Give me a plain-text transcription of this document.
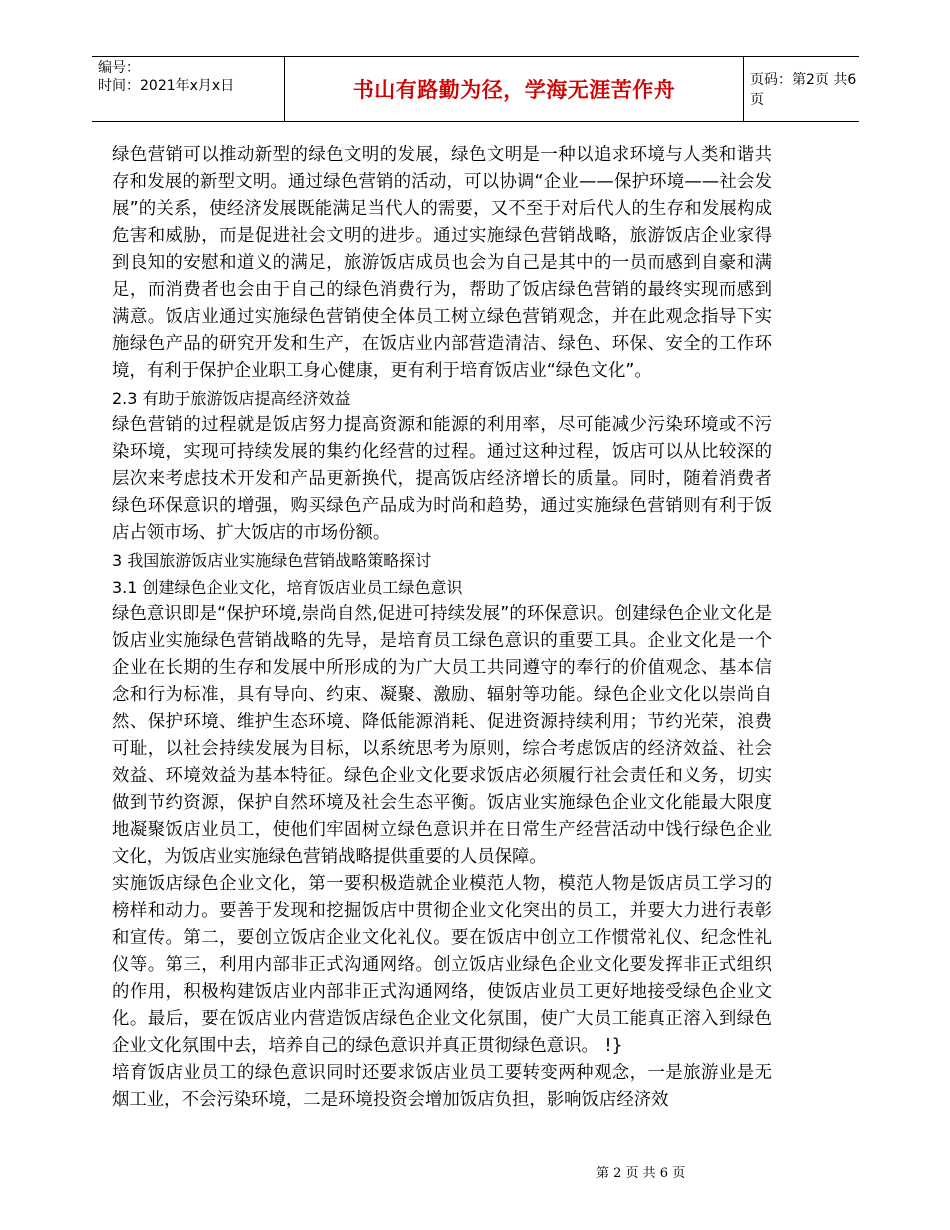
编号：
时间：2021年x月x日	书山有路勤为径，学海无涯苦作舟	页码：第2页 共6页

绿色营销可以推动新型的绿色文明的发展，绿色文明是一种以追求环境与人类和谐共存和发展的新型文明。通过绿色营销的活动，可以协调“企业——保护环境——社会发展”的关系，使经济发展既能满足当代人的需要，又不至于对后代人的生存和发展构成危害和威胁，而是促进社会文明的进步。通过实施绿色营销战略，旅游饭店企业家得到良知的安慰和道义的满足，旅游饭店成员也会为自己是其中的一员而感到自豪和满足，而消费者也会由于自己的绿色消费行为，帮助了饭店绿色营销的最终实现而感到满意。饭店业通过实施绿色营销使全体员工树立绿色营销观念，并在此观念指导下实施绿色产品的研究开发和生产，在饭店业内部营造清洁、绿色、环保、安全的工作环境，有利于保护企业职工身心健康，更有利于培育饭店业“绿色文化”。

2.3 有助于旅游饭店提高经济效益

绿色营销的过程就是饭店努力提高资源和能源的利用率，尽可能减少污染环境或不污染环境，实现可持续发展的集约化经营的过程。通过这种过程，饭店可以从比较深的层次来考虑技术开发和产品更新换代，提高饭店经济增长的质量。同时，随着消费者绿色环保意识的增强，购买绿色产品成为时尚和趋势，通过实施绿色营销则有利于饭店占领市场、扩大饭店的市场份额。

3 我国旅游饭店业实施绿色营销战略策略探讨

3.1 创建绿色企业文化，培育饭店业员工绿色意识

绿色意识即是“保护环境,崇尚自然,促进可持续发展”的环保意识。创建绿色企业文化是饭店业实施绿色营销战略的先导，是培育员工绿色意识的重要工具。企业文化是一个企业在长期的生存和发展中所形成的为广大员工共同遵守的奉行的价值观念、基本信念和行为标准，具有导向、约束、凝聚、激励、辐射等功能。绿色企业文化以崇尚自然、保护环境、维护生态环境、降低能源消耗、促进资源持续利用；节约光荣，浪费可耻，以社会持续发展为目标，以系统思考为原则，综合考虑饭店的经济效益、社会效益、环境效益为基本特征。绿色企业文化要求饭店必须履行社会责任和义务，切实做到节约资源，保护自然环境及社会生态平衡。饭店业实施绿色企业文化能最大限度地凝聚饭店业员工，使他们牢固树立绿色意识并在日常生产经营活动中饯行绿色企业文化，为饭店业实施绿色营销战略提供重要的人员保障。

实施饭店绿色企业文化，第一要积极造就企业模范人物，模范人物是饭店员工学习的榜样和动力。要善于发现和挖掘饭店中贯彻企业文化突出的员工，并要大力进行表彰和宣传。第二，要创立饭店企业文化礼仪。要在饭店中创立工作惯常礼仪、纪念性礼仪等。第三，利用内部非正式沟通网络。创立饭店业绿色企业文化要发挥非正式组织的作用，积极构建饭店业内部非正式沟通网络，使饭店业员工更好地接受绿色企业文化。最后，要在饭店业内营造饭店绿色企业文化氛围，使广大员工能真正溶入到绿色企业文化氛围中去，培养自己的绿色意识并真正贯彻绿色意识。 !}

培育饭店业员工的绿色意识同时还要求饭店业员工要转变两种观念，一是旅游业是无烟工业，不会污染环境，二是环境投资会增加饭店负担，影响饭店经济效

第 2 页 共 6 页
